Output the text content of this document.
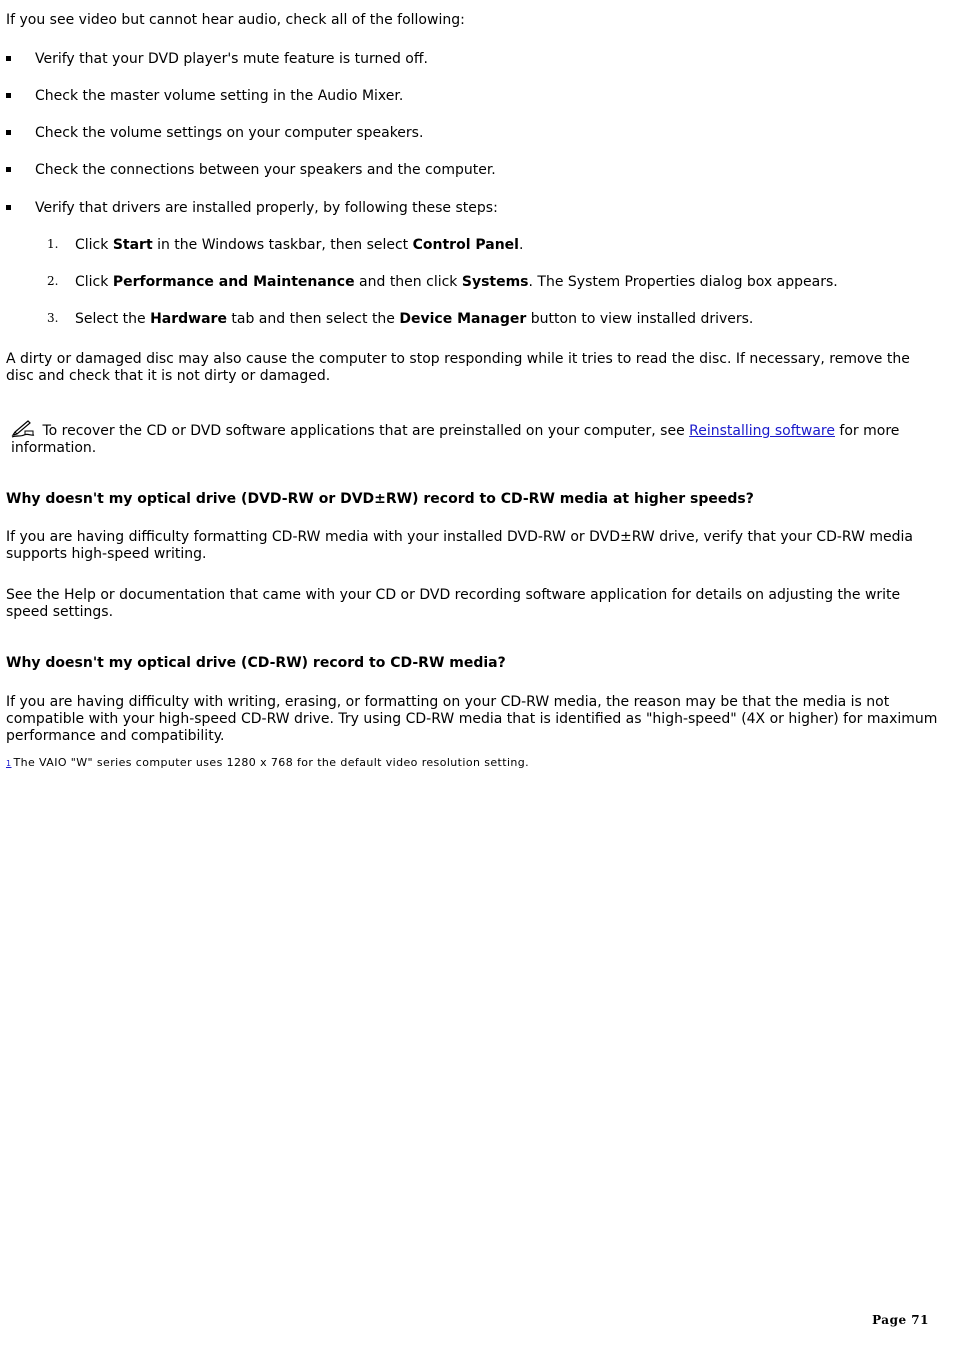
If you see video but cannot hear audio, check all of the following:

Verify that your DVD player's mute feature is turned off.
Check the master volume setting in the Audio Mixer.
Check the volume settings on your computer speakers.
Check the connections between your speakers and the computer.
Verify that drivers are installed properly, by following these steps:
1. Click Start in the Windows taskbar, then select Control Panel.
2. Click Performance and Maintenance and then click Systems. The System Properties dialog box appears.
3. Select the Hardware tab and then select the Device Manager button to view installed drivers.

A dirty or damaged disc may also cause the computer to stop responding while it tries to read the disc. If necessary, remove the disc and check that it is not dirty or damaged.

To recover the CD or DVD software applications that are preinstalled on your computer, see Reinstalling software for more information.

Why doesn't my optical drive (DVD-RW or DVD±RW) record to CD-RW media at higher speeds?

If you are having difficulty formatting CD-RW media with your installed DVD-RW or DVD±RW drive, verify that your CD-RW media supports high-speed writing.

See the Help or documentation that came with your CD or DVD recording software application for details on adjusting the write speed settings.

Why doesn't my optical drive (CD-RW) record to CD-RW media?

If you are having difficulty with writing, erasing, or formatting on your CD-RW media, the reason may be that the media is not compatible with your high-speed CD-RW drive. Try using CD-RW media that is identified as "high-speed" (4X or higher) for maximum performance and compatibility.

1 The VAIO "W" series computer uses 1280 x 768 for the default video resolution setting.
Page 71
